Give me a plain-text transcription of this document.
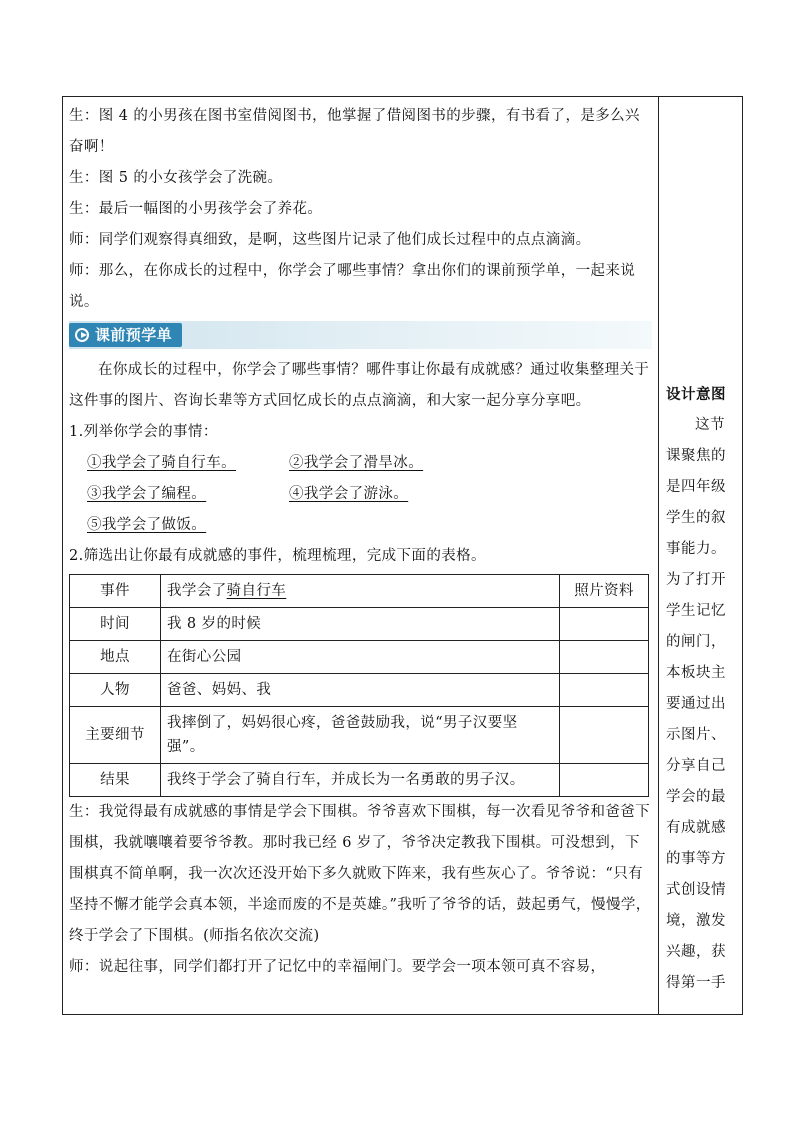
生：图 4 的小男孩在图书室借阅图书，他掌握了借阅图书的步骤，有书看了，是多么兴奋啊！

生：图 5 的小女孩学会了洗碗。

生：最后一幅图的小男孩学会了养花。

师：同学们观察得真细致，是啊，这些图片记录了他们成长过程中的点点滴滴。

师：那么，在你成长的过程中，你学会了哪些事情？拿出你们的课前预学单，一起来说说。

课前预学单

在你成长的过程中，你学会了哪些事情？哪件事让你最有成就感？通过收集整理关于这件事的图片、咨询长辈等方式回忆成长的点点滴滴，和大家一起分享分享吧。

1.列举你学会的事情：

①我学会了骑自行车。	②我学会了滑旱冰。
③我学会了编程。	④我学会了游泳。
⑤我学会了做饭。

2.筛选出让你最有成就感的事件，梳理梳理，完成下面的表格。

事件	我学会了骑自行车	照片资料
时间	我 8 岁的时候	
地点	在街心公园	
人物	爸爸、妈妈、我	
主要细节	我摔倒了，妈妈很心疼，爸爸鼓励我，说“男子汉要坚强”。	
结果	我终于学会了骑自行车，并成长为一名勇敢的男子汉。	

生：我觉得最有成就感的事情是学会下围棋。爷爷喜欢下围棋，每一次看见爷爷和爸爸下围棋，我就嚷嚷着要爷爷教。那时我已经 6 岁了，爷爷决定教我下围棋。可没想到，下围棋真不简单啊，我一次次还没开始下多久就败下阵来，我有些灰心了。爷爷说：“只有坚持不懈才能学会真本领，半途而废的不是英雄。”我听了爷爷的话，鼓起勇气，慢慢学，终于学会了下围棋。(师指名依次交流)

师：说起往事，同学们都打开了记忆中的幸福闸门。要学会一项本领可真不容易，

设计意图
这节课聚焦的是四年级学生的叙事能力。为了打开学生记忆的闸门，本板块主要通过出示图片、分享自己学会的最有成就感的事等方式创设情境，激发兴趣，获得第一手
